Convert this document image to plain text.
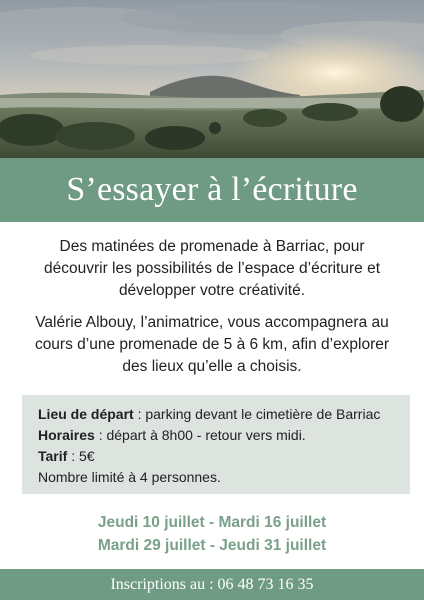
S’essayer à l’écriture
Des matinées de promenade à Barriac, pour découvrir les possibilités de l’espace d’écriture et développer votre créativité.
Valérie Albouy, l’animatrice, vous accompagnera au cours d’une promenade de 5 à 6 km, afin d’explorer des lieux qu’elle a choisis.
Lieu de départ : parking devant le cimetière de Barriac
Horaires : départ à 8h00 - retour vers midi.
Tarif : 5€
Nombre limité à 4 personnes.
Jeudi 10 juillet - Mardi 16 juillet
Mardi 29 juillet - Jeudi 31 juillet
Inscriptions au : 06 48 73 16 35
